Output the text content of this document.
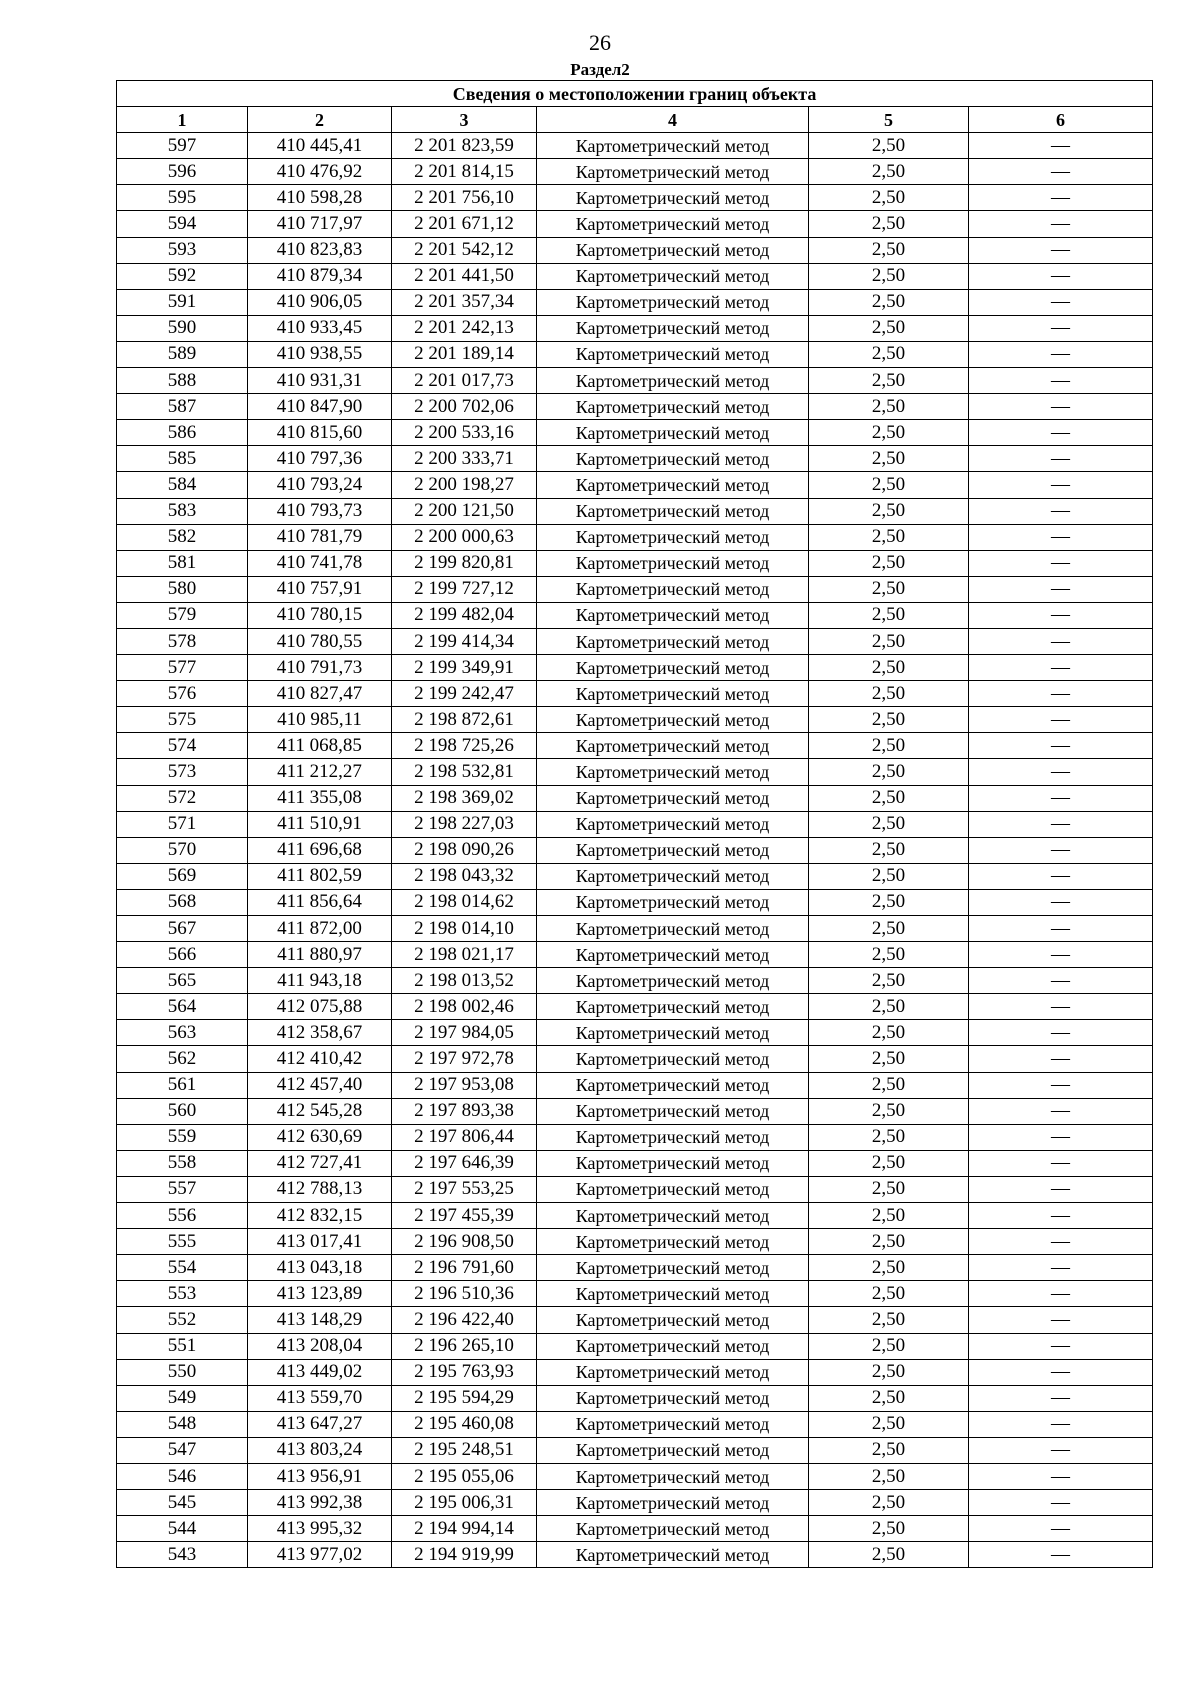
26
Раздел2
Сведения о местоположении границ объекта					
1	2	3	4	5	6
597	410 445,41	2 201 823,59	Картометрический метод	2,50	—
596	410 476,92	2 201 814,15	Картометрический метод	2,50	—
595	410 598,28	2 201 756,10	Картометрический метод	2,50	—
594	410 717,97	2 201 671,12	Картометрический метод	2,50	—
593	410 823,83	2 201 542,12	Картометрический метод	2,50	—
592	410 879,34	2 201 441,50	Картометрический метод	2,50	—
591	410 906,05	2 201 357,34	Картометрический метод	2,50	—
590	410 933,45	2 201 242,13	Картометрический метод	2,50	—
589	410 938,55	2 201 189,14	Картометрический метод	2,50	—
588	410 931,31	2 201 017,73	Картометрический метод	2,50	—
587	410 847,90	2 200 702,06	Картометрический метод	2,50	—
586	410 815,60	2 200 533,16	Картометрический метод	2,50	—
585	410 797,36	2 200 333,71	Картометрический метод	2,50	—
584	410 793,24	2 200 198,27	Картометрический метод	2,50	—
583	410 793,73	2 200 121,50	Картометрический метод	2,50	—
582	410 781,79	2 200 000,63	Картометрический метод	2,50	—
581	410 741,78	2 199 820,81	Картометрический метод	2,50	—
580	410 757,91	2 199 727,12	Картометрический метод	2,50	—
579	410 780,15	2 199 482,04	Картометрический метод	2,50	—
578	410 780,55	2 199 414,34	Картометрический метод	2,50	—
577	410 791,73	2 199 349,91	Картометрический метод	2,50	—
576	410 827,47	2 199 242,47	Картометрический метод	2,50	—
575	410 985,11	2 198 872,61	Картометрический метод	2,50	—
574	411 068,85	2 198 725,26	Картометрический метод	2,50	—
573	411 212,27	2 198 532,81	Картометрический метод	2,50	—
572	411 355,08	2 198 369,02	Картометрический метод	2,50	—
571	411 510,91	2 198 227,03	Картометрический метод	2,50	—
570	411 696,68	2 198 090,26	Картометрический метод	2,50	—
569	411 802,59	2 198 043,32	Картометрический метод	2,50	—
568	411 856,64	2 198 014,62	Картометрический метод	2,50	—
567	411 872,00	2 198 014,10	Картометрический метод	2,50	—
566	411 880,97	2 198 021,17	Картометрический метод	2,50	—
565	411 943,18	2 198 013,52	Картометрический метод	2,50	—
564	412 075,88	2 198 002,46	Картометрический метод	2,50	—
563	412 358,67	2 197 984,05	Картометрический метод	2,50	—
562	412 410,42	2 197 972,78	Картометрический метод	2,50	—
561	412 457,40	2 197 953,08	Картометрический метод	2,50	—
560	412 545,28	2 197 893,38	Картометрический метод	2,50	—
559	412 630,69	2 197 806,44	Картометрический метод	2,50	—
558	412 727,41	2 197 646,39	Картометрический метод	2,50	—
557	412 788,13	2 197 553,25	Картометрический метод	2,50	—
556	412 832,15	2 197 455,39	Картометрический метод	2,50	—
555	413 017,41	2 196 908,50	Картометрический метод	2,50	—
554	413 043,18	2 196 791,60	Картометрический метод	2,50	—
553	413 123,89	2 196 510,36	Картометрический метод	2,50	—
552	413 148,29	2 196 422,40	Картометрический метод	2,50	—
551	413 208,04	2 196 265,10	Картометрический метод	2,50	—
550	413 449,02	2 195 763,93	Картометрический метод	2,50	—
549	413 559,70	2 195 594,29	Картометрический метод	2,50	—
548	413 647,27	2 195 460,08	Картометрический метод	2,50	—
547	413 803,24	2 195 248,51	Картометрический метод	2,50	—
546	413 956,91	2 195 055,06	Картометрический метод	2,50	—
545	413 992,38	2 195 006,31	Картометрический метод	2,50	—
544	413 995,32	2 194 994,14	Картометрический метод	2,50	—
543	413 977,02	2 194 919,99	Картометрический метод	2,50	—
